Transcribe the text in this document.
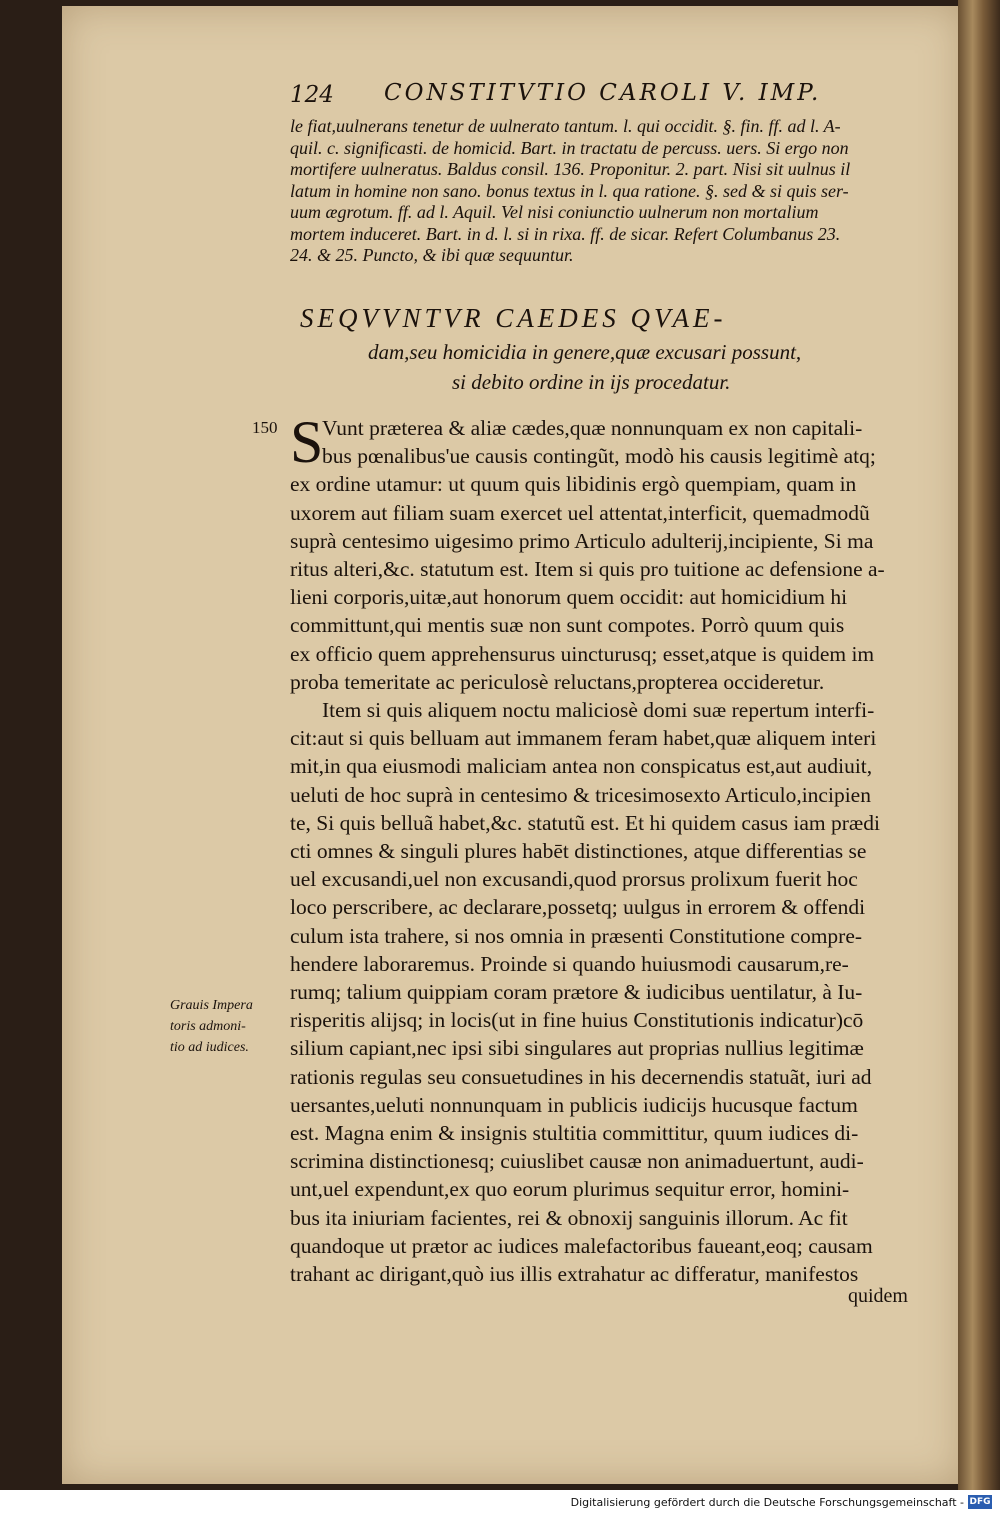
124 CONSTITVTIO CAROLI V. IMP.
le fiat,uulnerans tenetur de uulnerato tantum. l. qui occidit. §. fin. ff. ad l. A-
quil. c. significasti. de homicid. Bart. in tractatu de percuss. uers. Si ergo non
mortifere uulneratus. Baldus consil. 136. Proponitur. 2. part. Nisi sit uulnus il
latum in homine non sano. bonus textus in l. qua ratione. §. sed & si quis ser-
uum ægrotum. ff. ad l. Aquil. Vel nisi coniunctio uulnerum non mortalium
mortem induceret. Bart. in d. l. si in rixa. ff. de sicar. Refert Columbanus 23.
24. & 25. Puncto, & ibi quæ sequuntur.
SEQVVNTVR CAEDES QVAE-
dam,seu homicidia in genere,quæ excusari possunt,
si debito ordine in ijs procedatur.
150 S
Vunt præterea & aliæ cædes,quæ nonnunquam ex non capitali-
bus pœnalibus'ue causis contingũt, modò his causis legitimè atq;
ex ordine utamur: ut quum quis libidinis ergò quempiam, quam in
uxorem aut filiam suam exercet uel attentat,interficit, quemadmodũ
suprà centesimo uigesimo primo Articulo adulterij,incipiente, Si ma
ritus alteri,&c. statutum est. Item si quis pro tuitione ac defensione a-
lieni corporis,uitæ,aut honorum quem occidit: aut homicidium hi
committunt,qui mentis suæ non sunt compotes. Porrò quum quis
ex officio quem apprehensurus uincturusq; esset,atque is quidem im
proba temeritate ac periculosè reluctans,propterea occideretur.
Item si quis aliquem noctu maliciosè domi suæ repertum interfi-
cit:aut si quis belluam aut immanem feram habet,quæ aliquem interi
mit,in qua eiusmodi maliciam antea non conspicatus est,aut audiuit,
ueluti de hoc suprà in centesimo & tricesimosexto Articulo,incipien
te, Si quis belluã habet,&c. statutũ est. Et hi quidem casus iam prædi
cti omnes & singuli plures habēt distinctiones, atque differentias se
uel excusandi,uel non excusandi,quod prorsus prolixum fuerit hoc
loco perscribere, ac declarare,possetq; uulgus in errorem & offendi
culum ista trahere, si nos omnia in præsenti Constitutione compre-
hendere laboraremus. Proinde si quando huiusmodi causarum,re-
rumq; talium quippiam coram prætore & iudicibus uentilatur, à Iu-
risperitis alijsq; in locis(ut in fine huius Constitutionis indicatur)cō
silium capiant,nec ipsi sibi singulares aut proprias nullius legitimæ
rationis regulas seu consuetudines in his decernendis statuãt, iuri ad
uersantes,ueluti nonnunquam in publicis iudicijs hucusque factum
est. Magna enim & insignis stultitia committitur, quum iudices di-
scrimina distinctionesq; cuiuslibet causæ non animaduertunt, audi-
unt,uel expendunt,ex quo eorum plurimus sequitur error, homini-
bus ita iniuriam facientes, rei & obnoxij sanguinis illorum. Ac fit
quandoque ut prætor ac iudices malefactoribus faueant,eoq; causam
trahant ac dirigant,quò ius illis extrahatur ac differatur, manifestos
Grauis Impera
toris admoni-
tio ad iudices.
quidem
Digitalisierung gefördert durch die Deutsche Forschungsgemeinschaft - DFG
